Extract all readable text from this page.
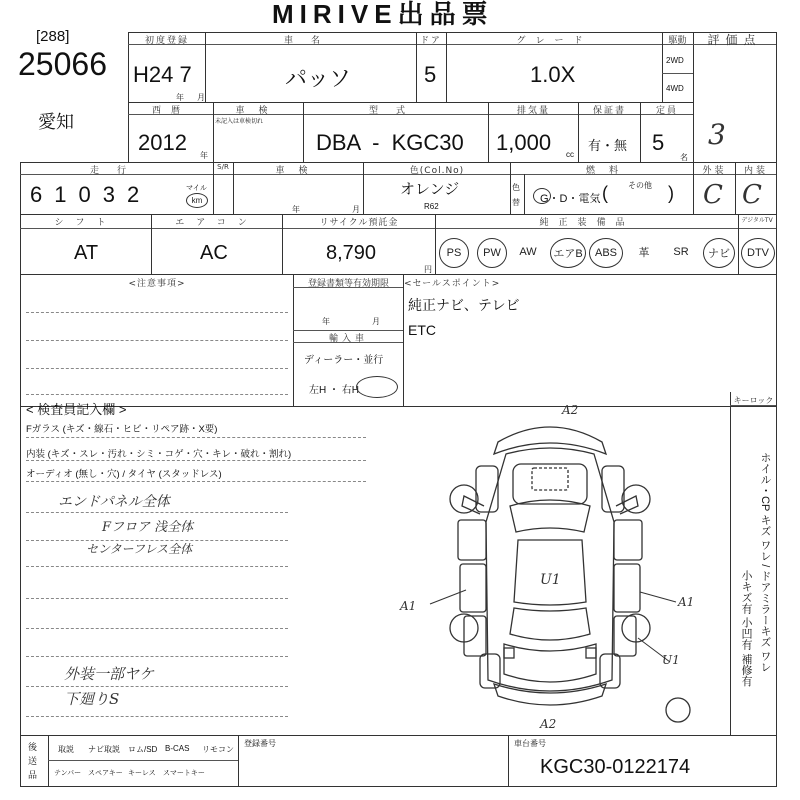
MIRIVE出品票
[288]
25066
愛知
初度登録
H24 7
年 月
車名
パッソ
ドア
5
グレード
1.0X
駆動
2WD
4WD
評価点
3
西暦
2012
年
車検
未記入は車検切れ
型式
DBA - KGC30
排気量
1,000 cc
保証書
有・無
定員
5
名
走行
61032	マイル
km
S/R	車検
年	月
色(Col.No)
オレンジ
R62
色替
燃料
G・D・電気
その他
(	)
外装
C
内装
C
シフト
AT
エアコン
AC
リサイクル預託金
8,790
円
純正装備品	デジタルTV
PS PW AW エアB ABS 革 SR ナビ DTV
<注意事項>	登録書類等有効期限
年	月
輸入車
ディーラー・並行
左H ・ 右H
<セールスポイント>
純正ナビ、テレビ
ETC
< 検査員記入欄 >
Fガラス (キズ・線石・ヒビ・リペア跡・X要)
内装 (キズ・スレ・汚れ・シミ・コゲ・穴・キレ・破れ・割れ)
オーディオ (無し・穴) / タイヤ (スタッドレス)
エンドパネル全体
Fフロア 浅全体
センターフレス全体
外装一部ヤケ
下廻りS
キーロック
ホイル・CP キズ ワレ / ドアミラーキズ ワレ
小キズ有 小凹有 補修有
A2
A1	A1
U1
U1
A2
後送品
取説 ナビ取説 ロム/SD B-CAS リモコン
テンパー スペアキー キーレス スマートキー
登録番号	車台番号
KGC30-0122174
